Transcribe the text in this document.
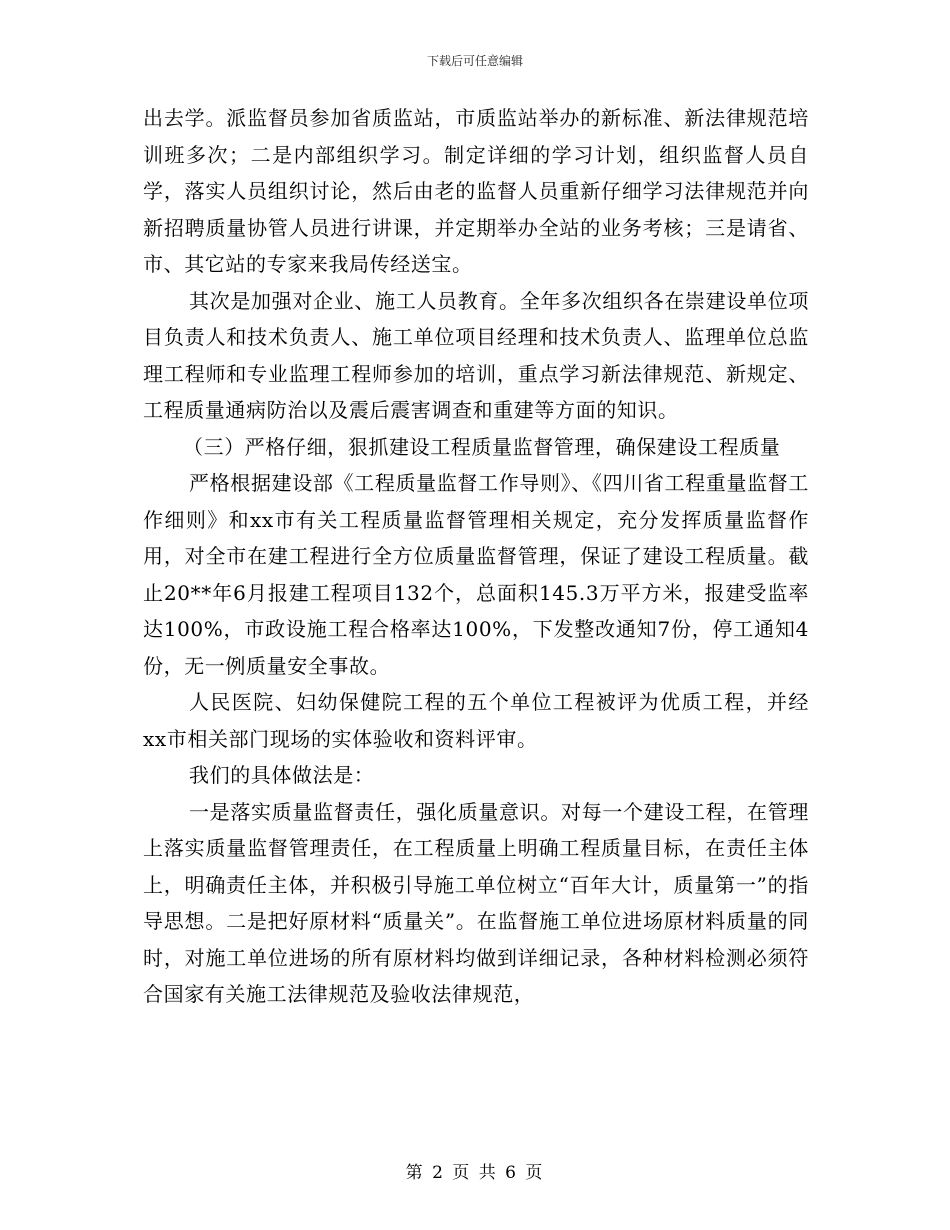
下载后可任意编辑

出去学。派监督员参加省质监站，市质监站举办的新标准、新法律规范培训班多次；二是内部组织学习。制定详细的学习计划，组织监督人员自学，落实人员组织讨论，然后由老的监督人员重新仔细学习法律规范并向新招聘质量协管人员进行讲课，并定期举办全站的业务考核；三是请省、市、其它站的专家来我局传经送宝。

其次是加强对企业、施工人员教育。全年多次组织各在崇建设单位项目负责人和技术负责人、施工单位项目经理和技术负责人、监理单位总监理工程师和专业监理工程师参加的培训，重点学习新法律规范、新规定、工程质量通病防治以及震后震害调查和重建等方面的知识。

（三）严格仔细，狠抓建设工程质量监督管理，确保建设工程质量

严格根据建设部《工程质量监督工作导则》、《四川省工程重量监督工作细则》和xx市有关工程质量监督管理相关规定，充分发挥质量监督作用，对全市在建工程进行全方位质量监督管理，保证了建设工程质量。截止20**年6月报建工程项目132个，总面积145.3万平方米，报建受监率达100%，市政设施工程合格率达100%，下发整改通知7份，停工通知4份，无一例质量安全事故。

人民医院、妇幼保健院工程的五个单位工程被评为优质工程，并经xx市相关部门现场的实体验收和资料评审。

我们的具体做法是：

一是落实质量监督责任，强化质量意识。对每一个建设工程，在管理上落实质量监督管理责任，在工程质量上明确工程质量目标，在责任主体上，明确责任主体，并积极引导施工单位树立“百年大计，质量第一”的指导思想。二是把好原材料“质量关”。在监督施工单位进场原材料质量的同时，对施工单位进场的所有原材料均做到详细记录，各种材料检测必须符合国家有关施工法律规范及验收法律规范，

第 2 页 共 6 页
